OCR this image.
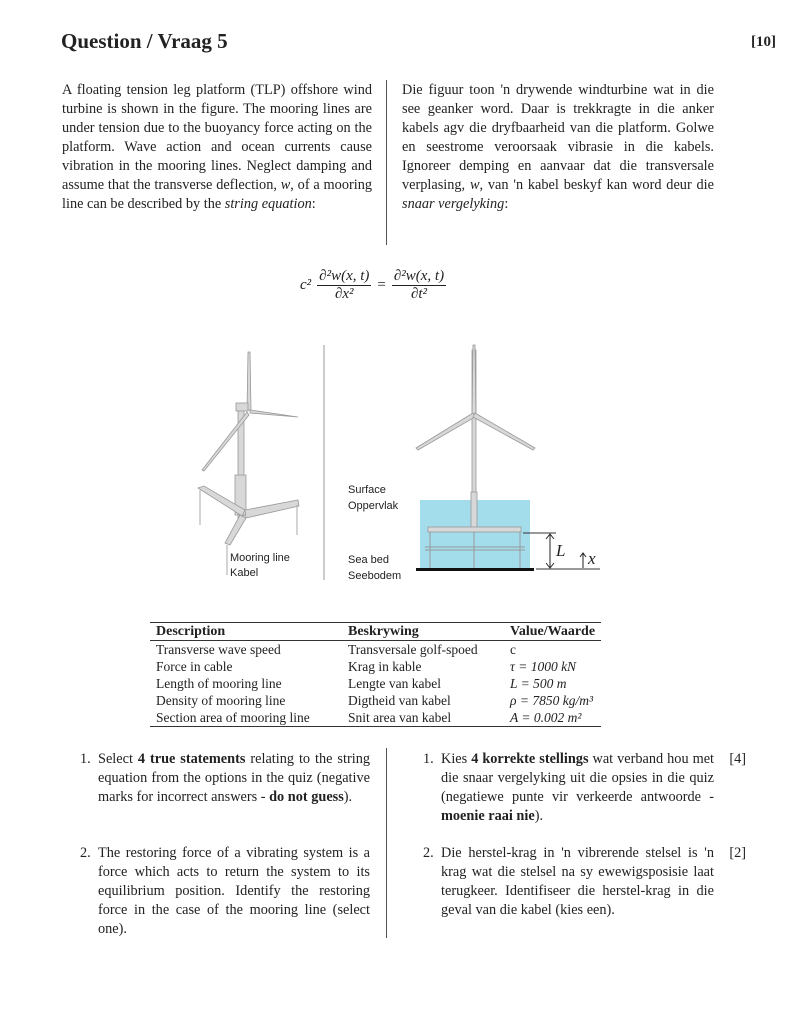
Question / Vraag 5	[10]
A floating tension leg platform (TLP) offshore wind turbine is shown in the figure. The mooring lines are under tension due to the buoyancy force acting on the platform. Wave action and ocean currents cause vibration in the mooring lines. Neglect damping and assume that the transverse deflection, w, of a mooring line can be described by the string equation:
Die figuur toon 'n drywende windturbine wat in die see geanker word. Daar is trekkragte in die anker kabels agv die dryfbaarheid van die platform. Golwe en seestrome veroorsaak vibrasie in die kabels. Ignoreer demping en aanvaar dat die transversale verplasing, w, van 'n kabel beskyf kan word deur die snaar vergelyking:
$c^2 \frac{\text{∂²w(x, t)}}{\text{∂x²}} = \frac{\text{∂²w(x, t)}}{\text{∂t²}}$
Mooring line
Kabel
L x
Surface
Oppervlak
Sea bed
Seebodem
Description	Beskrywing	Value/Waarde
Transverse wave speed	Transversale golf-spoed	c
Force in cable	Krag in kable	τ = 1000 kN
Length of mooring line	Lengte van kabel	L = 500 m
Density of mooring line	Digtheid van kabel	ρ = 7850 kg/m³
Section area of mooring line	Snit area van kabel	A = 0.002 m²
1. Select 4 true statements relating to the string equation from the options in the quiz (negative marks for incorrect answers - do not guess).
1. Kies 4 korrekte stellings wat verband hou met die snaar vergelyking uit die opsies in die quiz (negatiewe punte vir verkeerde antwoorde - moenie raai nie).
[4]
2. The restoring force of a vibrating system is a force which acts to return the system to its equilibrium position. Identify the restoring force in the case of the mooring line (select one).
2. Die herstel-krag in 'n vibrerende stelsel is 'n krag wat die stelsel na sy ewewigsposisie laat terugkeer. Identifiseer die herstel-krag in die geval van die kabel (kies een).
[2]
